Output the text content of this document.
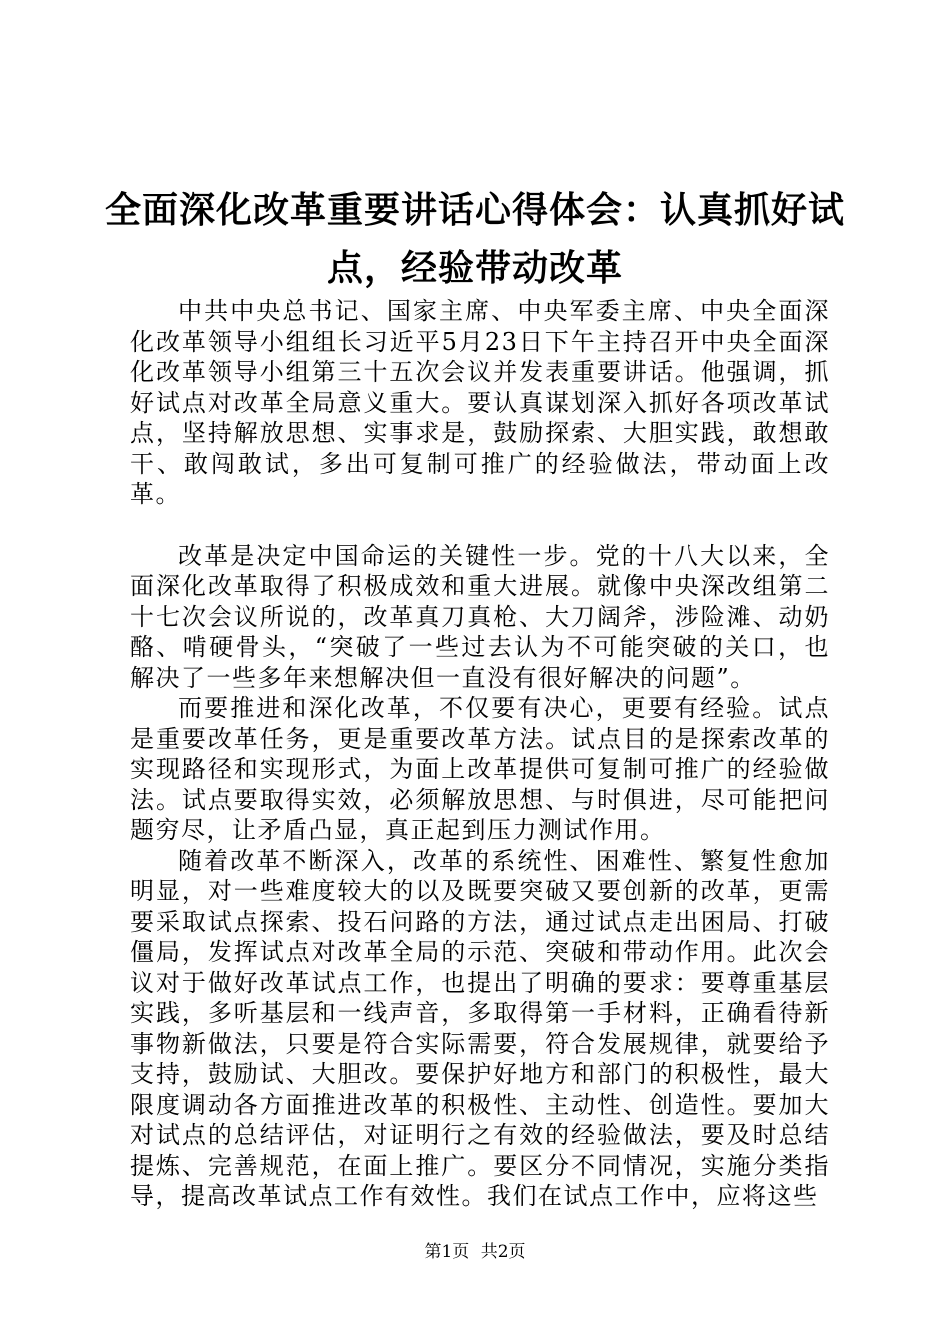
全面深化改革重要讲话心得体会：认真抓好试
点，经验带动改革

中共中央总书记、国家主席、中央军委主席、中央全面深化改革领导小组组长习近平5月23日下午主持召开中央全面深化改革领导小组第三十五次会议并发表重要讲话。他强调，抓好试点对改革全局意义重大。要认真谋划深入抓好各项改革试点，坚持解放思想、实事求是，鼓励探索、大胆实践，敢想敢干、敢闯敢试，多出可复制可推广的经验做法，带动面上改革。

改革是决定中国命运的关键性一步。党的十八大以来，全面深化改革取得了积极成效和重大进展。就像中央深改组第二十七次会议所说的，改革真刀真枪、大刀阔斧，涉险滩、动奶酪、啃硬骨头，“突破了一些过去认为不可能突破的关口，也解决了一些多年来想解决但一直没有很好解决的问题”。

而要推进和深化改革，不仅要有决心，更要有经验。试点是重要改革任务，更是重要改革方法。试点目的是探索改革的实现路径和实现形式，为面上改革提供可复制可推广的经验做法。试点要取得实效，必须解放思想、与时俱进，尽可能把问题穷尽，让矛盾凸显，真正起到压力测试作用。

随着改革不断深入，改革的系统性、困难性、繁复性愈加明显，对一些难度较大的以及既要突破又要创新的改革，更需要采取试点探索、投石问路的方法，通过试点走出困局、打破僵局，发挥试点对改革全局的示范、突破和带动作用。此次会议对于做好改革试点工作，也提出了明确的要求：要尊重基层实践，多听基层和一线声音，多取得第一手材料，正确看待新事物新做法，只要是符合实际需要，符合发展规律，就要给予支持，鼓励试、大胆改。要保护好地方和部门的积极性，最大限度调动各方面推进改革的积极性、主动性、创造性。要加大对试点的总结评估，对证明行之有效的经验做法，要及时总结提炼、完善规范，在面上推广。要区分不同情况，实施分类指导，提高改革试点工作有效性。我们在试点工作中，应将这些

第1页 共2页
